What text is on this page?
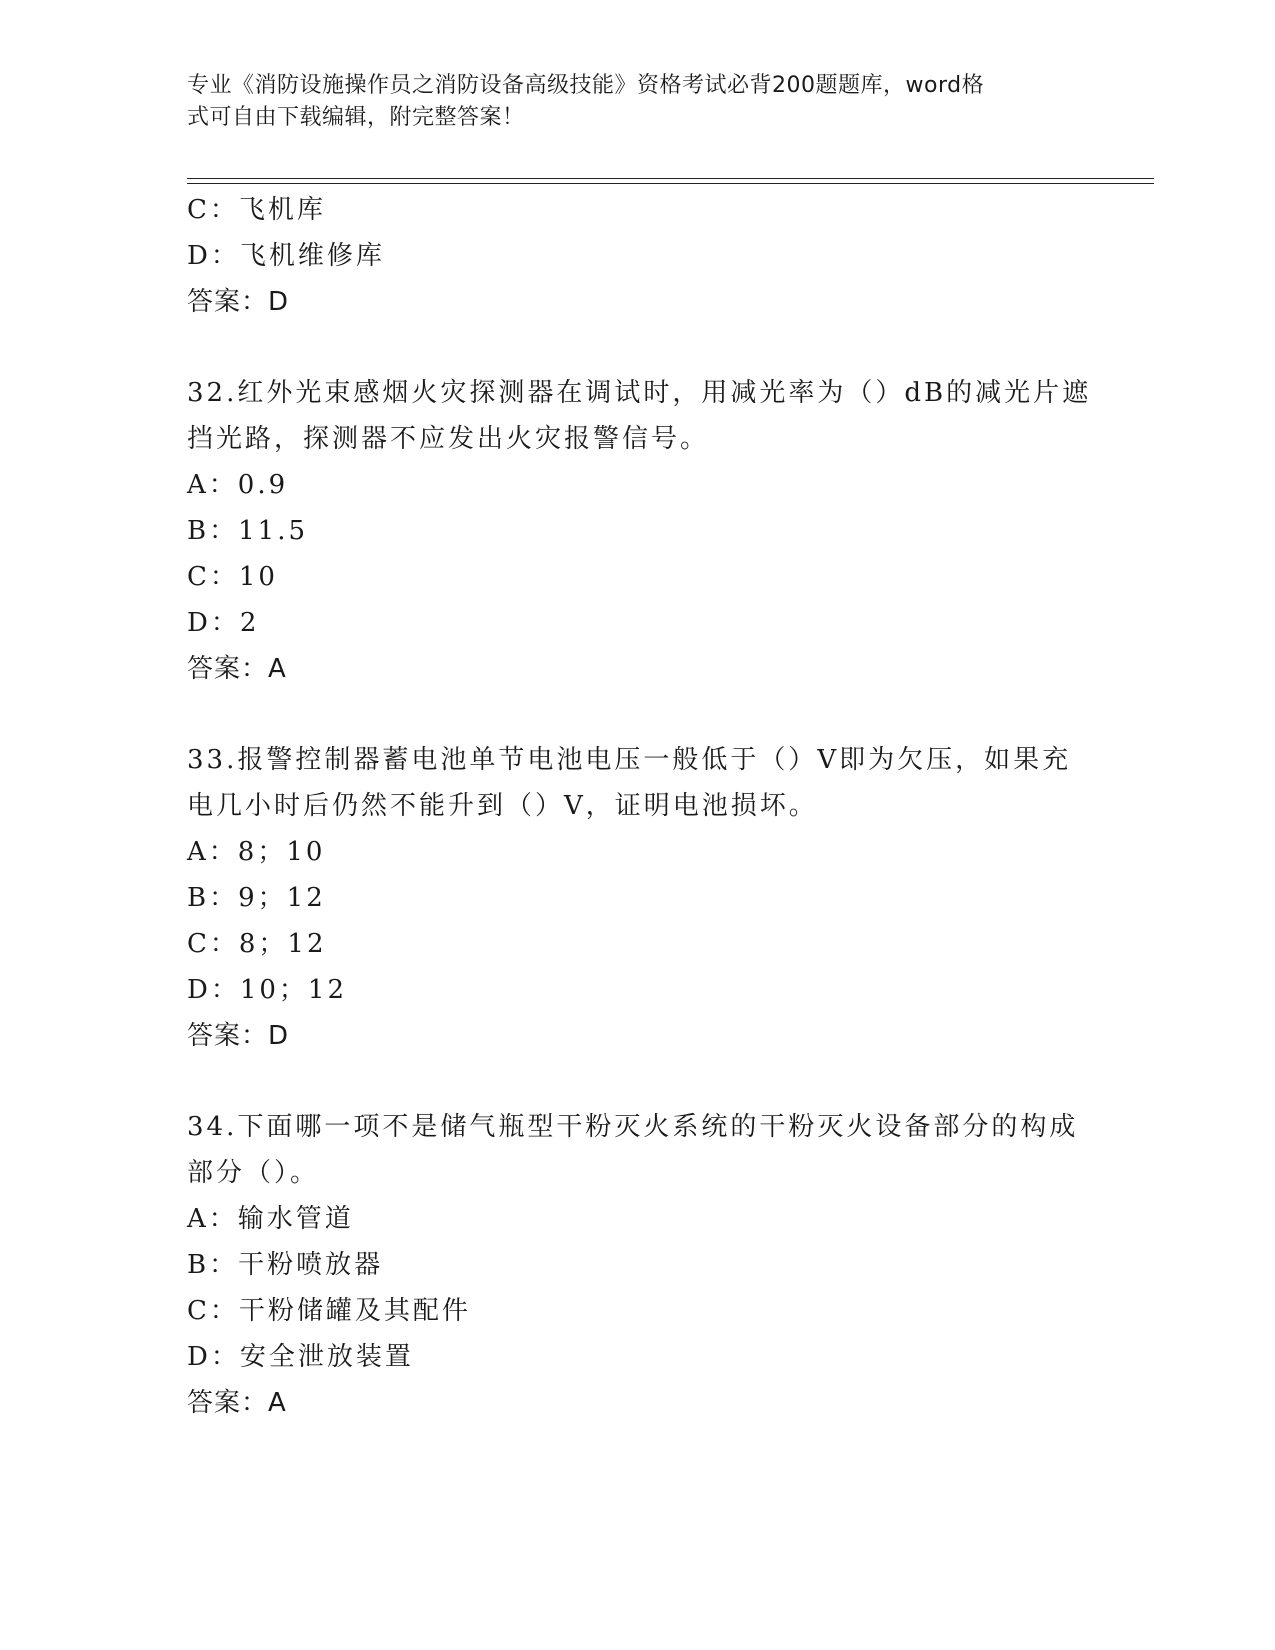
专业《消防设施操作员之消防设备高级技能》资格考试必背200题题库，word格
式可自由下载编辑，附完整答案！
C：飞机库
D：飞机维修库
答案：D
32.红外光束感烟火灾探测器在调试时，用减光率为（）dB的减光片遮
挡光路，探测器不应发出火灾报警信号。
A：0.9
B：11.5
C：10
D：2
答案：A
33.报警控制器蓄电池单节电池电压一般低于（）V即为欠压，如果充
电几小时后仍然不能升到（）V，证明电池损坏。
A：8；10
B：9；12
C：8；12
D：10；12
答案：D
34.下面哪一项不是储气瓶型干粉灭火系统的干粉灭火设备部分的构成
部分（）。
A：输水管道
B：干粉喷放器
C：干粉储罐及其配件
D：安全泄放装置
答案：A
